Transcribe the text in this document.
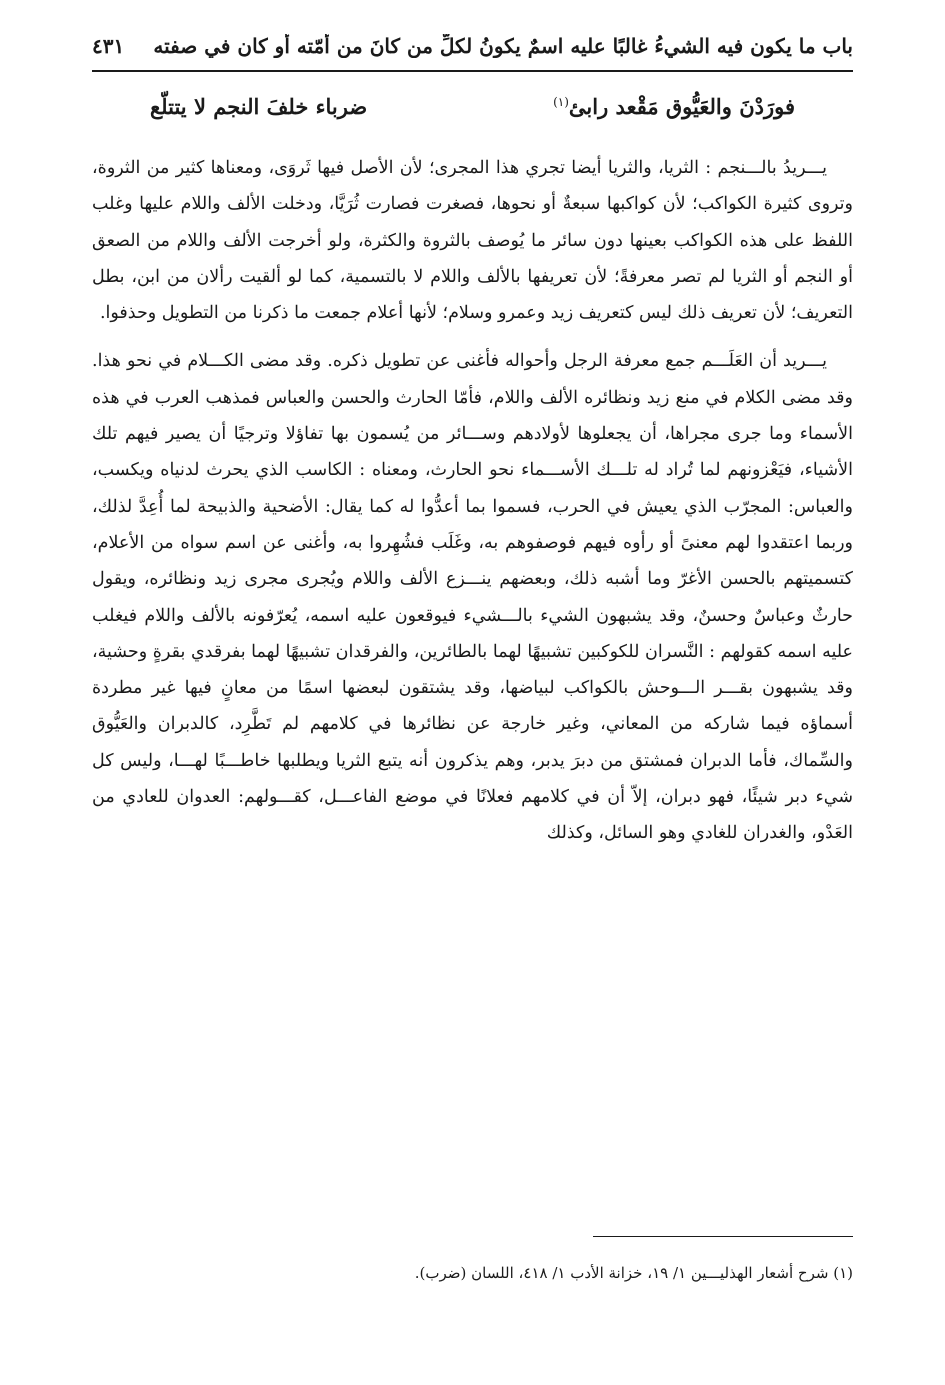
باب ما يكون فيه الشيءُ غالبًا عليه اسمٌ يكونُ لكلِّ من كانَ من أُمّته أو كان في صفته
٤٣١
فورَدْنَ والعَيُّوق مَقْعد رابئ$^{(١)}$
ضرباء خلفَ النجم لا يتتلّع

يـــريدُ بالـــنجم : الثريا، والثريا أيضا تجري هذا المجرى؛ لأن الأصل فيها ثَروَى، ومعناها كثير من الثروة، وتروى كثيرة الكواكب؛ لأن كواكبها سبعةٌ أو نحوها، فصغرت فصارت ثُرَيَّا، ودخلت الألف واللام عليها وغلب اللفظ على هذه الكواكب بعينها دون سائر ما يُوصف بالثروة والكثرة، ولو أخرجت الألف واللام من الصعق أو النجم أو الثريا لم تصر معرفةً؛ لأن تعريفها بالألف واللام لا بالتسمية، كما لو ألقيت رألان من ابن، بطل التعريف؛ لأن تعريف ذلك ليس كتعريف زيد وعمرو وسلام؛ لأنها أعلام جمعت ما ذكرنا من التطويل وحذفوا.

يـــريد أن العَلَـــم جمع معرفة الرجل وأحواله فأغنى عن تطويل ذكره. وقد مضى الكـــلام في نحو هذا. وقد مضى الكلام في منع زيد ونظائره الألف واللام، فأمّا الحارث والحسن والعباس فمذهب العرب في هذه الأسماء وما جرى مجراها، أن يجعلوها لأولادهم وســـائر من يُسمون بها تفاؤلا وترجيًا أن يصير فيهم تلك الأشياء، فيَعْزونهم لما تُراد له تلـــك الأســـماء نحو الحارث، ومعناه : الكاسب الذي يحرث لدنياه ويكسب، والعباس: المجرّب الذي يعيش في الحرب، فسموا بما أعدُّوا له كما يقال: الأضحية والذبيحة لما أُعِدَّ لذلك، وربما اعتقدوا لهم معنىً أو رأوه فيهم فوصفوهم به، وغَلَب فشُهِروا به، وأغنى عن اسم سواه من الأعلام، كتسميتهم بالحسن الأغرّ وما أشبه ذلك، وبعضهم ينـــزع الألف واللام ويُجرى مجرى زيد ونظائره، ويقول حارثٌ وعباسٌ وحسنٌ، وقد يشبهون الشيء بالـــشيء فيوقعون عليه اسمه، يُعرّفونه بالألف واللام فيغلب عليه اسمه كقولهم : النَّسران للكوكبين تشبيهًا لهما بالطائرين، والفرقدان تشبيهًا لهما بفرقدي بقرةٍ وحشية، وقد يشبهون بقـــر الـــوحش بالكواكب لبياضها، وقد يشتقون لبعضها اسمًا من معانٍ فيها غير مطردة أسماؤه فيما شاركه من المعاني، وغير خارجة عن نظائرها في كلامهم لم تَطَّرِد، كالدبران والعَيُّوق والسِّماك، فأما الدبران فمشتق من دبرَ يدبر، وهم يذكرون أنه يتبع الثريا ويطلبها خاطـــبًا لهـــا، وليس كل شيء دبر شيئًا، فهو دبران، إلاّ أن في كلامهم فعلانًا في موضع الفاعـــل، كقـــولهم: العدوان للعادي من العَدْو، والغدران للغادي وهو السائل، وكذلك

(١) شرح أشعار الهذليـــين ١/ ١٩، خزانة الأدب ١/ ٤١٨، اللسان (ضرب).
